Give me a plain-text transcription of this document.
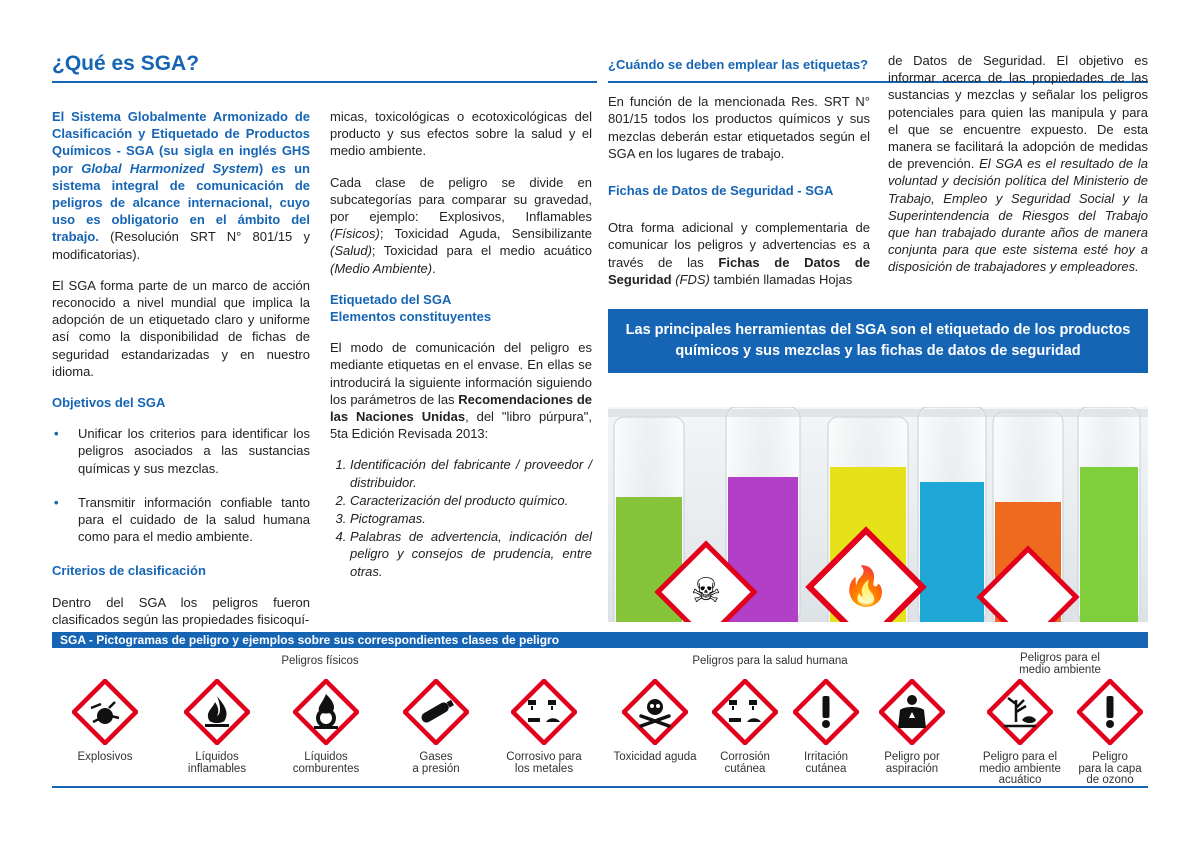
¿Qué es SGA?

El Sistema Globalmente Armonizado de Clasificación y Etiquetado de Productos Químicos - SGA (su sigla en inglés GHS por Global Harmonized System) es un sistema integral de comunicación de peligros de alcance internacional, cuyo uso es obligatorio en el ámbito del trabajo. (Resolución SRT N° 801/15 y modificatorias).

El SGA forma parte de un marco de acción reconocido a nivel mundial que implica la adopción de un etiquetado claro y uniforme así como la disponibilidad de fichas de seguridad estandarizadas y en nuestro idioma.

Objetivos del SGA
• Unificar los criterios para identificar los peligros asociados a las sustancias químicas y sus mezclas.
• Transmitir información confiable tanto para el cuidado de la salud humana como para el medio ambiente.
Criterios de clasificación

Dentro del SGA los peligros fueron clasificados según las propiedades fisicoquí-

micas, toxicológicas o ecotoxicológicas del producto y sus efectos sobre la salud y el medio ambiente.

Cada clase de peligro se divide en subcategorías para comparar su gravedad, por ejemplo: Explosivos, Inflamables (Físicos); Toxicidad Aguda, Sensibilizante (Salud); Toxicidad para el medio acuático (Medio Ambiente).

Etiquetado del SGA
Elementos constituyentes

El modo de comunicación del peligro es mediante etiquetas en el envase. En ellas se introducirá la siguiente información siguiendo los parámetros de las Recomendaciones de las Naciones Unidas, del "libro púrpura", 5ta Edición Revisada 2013:

1. Identificación del fabricante / proveedor / distribuidor.
2. Caracterización del producto químico.
3. Pictogramas.
4. Palabras de advertencia, indicación del peligro y consejos de prudencia, entre otras.
¿Cuándo se deben emplear las etiquetas?

En función de la mencionada Res. SRT N° 801/15 todos los productos químicos y sus mezclas deberán estar etiquetados según el SGA en los lugares de trabajo.

Fichas de Datos de Seguridad - SGA

Otra forma adicional y complementaria de comunicar los peligros y advertencias es a través de las Fichas de Datos de Seguridad (FDS) también llamadas Hojas

de Datos de Seguridad. El objetivo es informar acerca de las propiedades de las sustancias y mezclas y señalar los peligros potenciales para quien las manipula y para el que se encuentre expuesto. De esta manera se facilitará la adopción de medidas de prevención. El SGA es el resultado de la voluntad y decisión política del Ministerio de Trabajo, Empleo y Seguridad Social y la Superintendencia de Riesgos del Trabajo que han trabajado durante años de manera conjunta para que este sistema esté hoy a disposición de trabajadores y empleadores.

Las principales herramientas del SGA son el etiquetado de los productos químicos y sus mezclas y las fichas de datos de seguridad
☠	🔥
SGA - Pictogramas de peligro y ejemplos sobre sus correspondientes clases de peligro
Peligros físicos	Peligros para la salud humana	Peligros para el
medio ambiente
Explosivos	Líquidos
inflamables
Líquidos
comburentes
Gases
a presión
Corrosivo para
los metales
Toxicidad aguda	Corrosión
cutánea
Irritación
cutánea
Peligro por
aspiración
Peligro para el
medio ambiente
acuático
Peligro
para la capa
de ozono
